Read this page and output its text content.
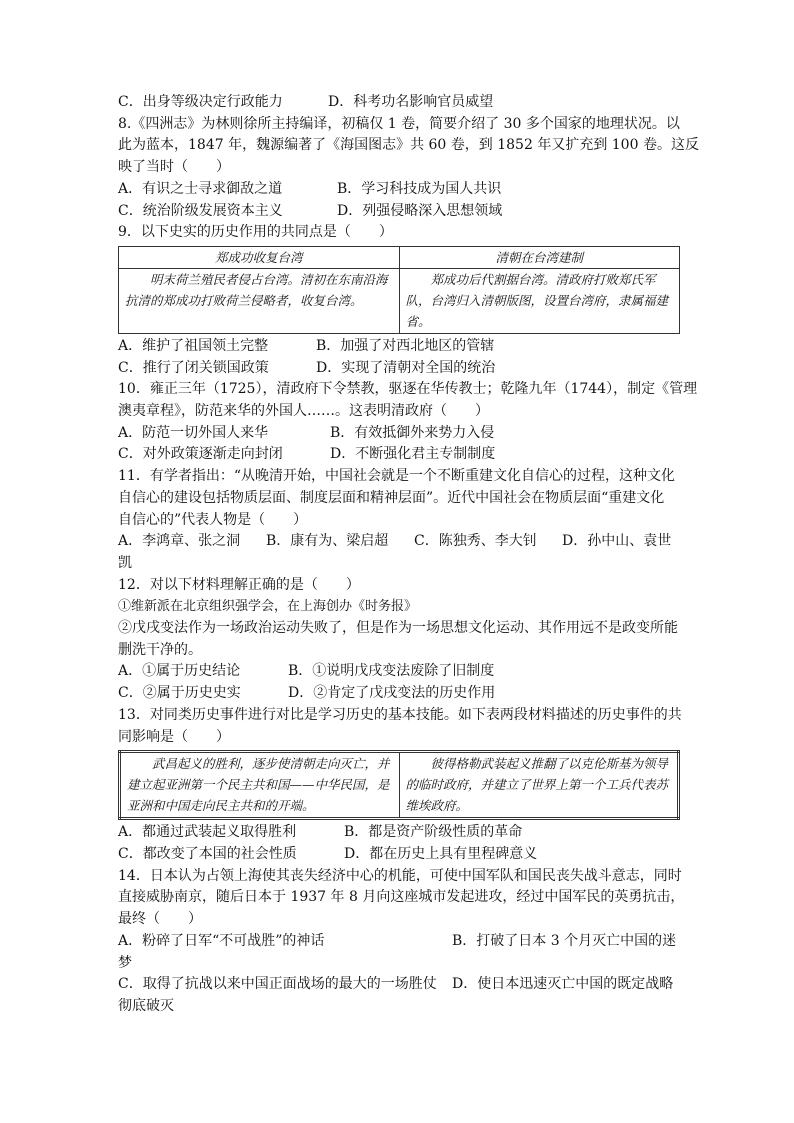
C．出身等级决定行政能力	D．科考功名影响官员威望
8.《四洲志》为林则徐所主持编译，初稿仅 1 卷，简要介绍了 30 多个国家的地理状况。以
此为蓝本，1847 年，魏源编著了《海国图志》共 60 卷，到 1852 年又扩充到 100 卷。这反
映了当时（　　）
A．有识之士寻求御敌之道	B．学习科技成为国人共识
C．统治阶级发展资本主义	D．列强侵略深入思想领域
9．以下史实的历史作用的共同点是（　　）
郑成功收复台湾	清朝在台湾建制
明末荷兰殖民者侵占台湾。清初在东南沿海抗清的郑成功打败荷兰侵略者，收复台湾。	郑成功后代割据台湾。清政府打败郑氏军队，台湾归入清朝版图，设置台湾府，隶属福建省。
A．维护了祖国领土完整	B．加强了对西北地区的管辖
C．推行了闭关锁国政策	D．实现了清朝对全国的统治
10．雍正三年（1725），清政府下令禁教，驱逐在华传教士；乾隆九年（1744），制定《管理
澳夷章程》，防范来华的外国人……。这表明清政府（　　）
A．防范一切外国人来华	B．有效抵御外来势力入侵
C．对外政策逐渐走向封闭	D．不断强化君主专制制度
11．有学者指出：“从晚清开始，中国社会就是一个不断重建文化自信心的过程，这种文化
自信心的建设包括物质层面、制度层面和精神层面”。近代中国社会在物质层面“重建文化
自信心的”代表人物是（　　）
A．李鸿章、张之洞	B．康有为、梁启超	C．陈独秀、李大钊	D．孙中山、袁世
凯
12．对以下材料理解正确的是（　　）
①维新派在北京组织强学会，在上海创办《时务报》
②戊戌变法作为一场政治运动失败了，但是作为一场思想文化运动、其作用远不是政变所能
删洗干净的。
A．①属于历史结论	B．①说明戊戌变法废除了旧制度
C．②属于历史史实	D．②肯定了戊戌变法的历史作用
13．对同类历史事件进行对比是学习历史的基本技能。如下表两段材料描述的历史事件的共
同影响是（　　）
武昌起义的胜利，逐步使清朝走向灭亡，并建立起亚洲第一个民主共和国——中华民国，是亚洲和中国走向民主共和的开端。	彼得格勒武装起义推翻了以克伦斯基为领导的临时政府，并建立了世界上第一个工兵代表苏维埃政府。
A．都通过武装起义取得胜利	B．都是资产阶级性质的革命
C．都改变了本国的社会性质	D．都在历史上具有里程碑意义
14．日本认为占领上海使其丧失经济中心的机能，可使中国军队和国民丧失战斗意志，同时
直接威胁南京，随后日本于 1937 年 8 月向这座城市发起进攻，经过中国军民的英勇抗击，
最终（　　）
A．粉碎了日军“不可战胜”的神话	B．打破了日本 3 个月灭亡中国的迷
梦
C．取得了抗战以来中国正面战场的最大的一场胜仗	D．使日本迅速灭亡中国的既定战略
彻底破灭
